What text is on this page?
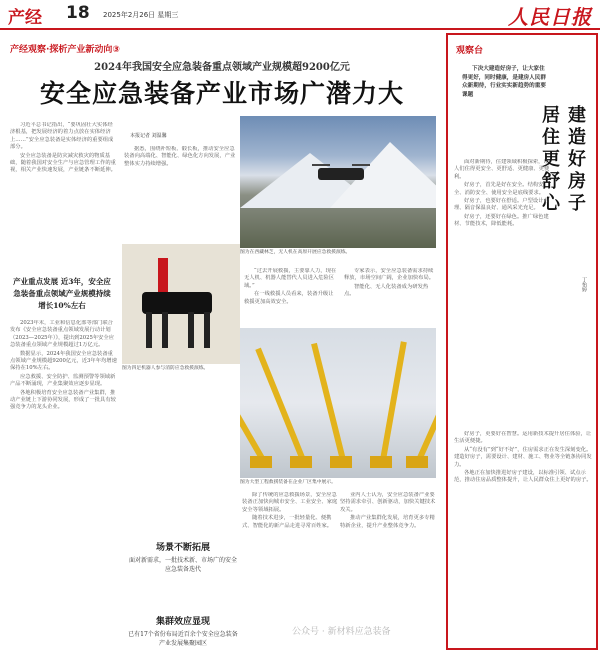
产经 18 2025年2月26日 星期三	人民日报
产经观察·探析产业新动向③
2024年我国安全应急装备重点领域产业规模超9200亿元
安全应急装备产业市场广潜力大

习近平总书记指出，“要巩固壮大实体经济根基，把发展经济的着力点放在实体经济上……”安全应急装备是实体经济的重要组成部分。

安全应急装备是防灾减灾救灾的物质基础，随着我国对安全生产与应急管理工作的重视，相关产业快速发展，产业链条不断延伸。

据悉，围绕补短板、锻长板，推动安全应急装备向高端化、智能化、绿色化方向发展，产业整体实力持续增强。

本报记者 刘温馨
图为在西藏林芝，无人机在高原开展应急救援演练。
产业重点发展 近3年，安全应急装备重点领域产业规模持续增长10%左右

2023年末，工业和信息化部等部门联合发布《安全应急装备重点领域发展行动计划（2023—2025年）》，提出到2025年安全应急装备重点领域产业规模超过1万亿元。

数据显示，2024年我国安全应急装备重点领域产业规模超9200亿元，近3年年均增速保持在10%左右。

应急救援、安全防护、监测预警等领域新产品不断涌现，产业集聚效应逐步显现。

各地积极培育安全应急装备产业集群，推动产业链上下游协同发展，形成了一批具有较强竞争力的龙头企业。

“过去开展救援，主要靠人力，现在无人机、机器人能替代人员进入危险区域。”

在一线救援人员看来，装备升级让救援更加高效安全。

专家表示，安全应急装备需求持续释放，市场空间广阔，企业加快布局。

智能化、无人化装备成为研发热点。

图为大型工程救援装备在企业厂区集中展示。
场景不断拓展
面对新需求，一批技术新、市场广的安全应急装备迭代
集群效应显现
已有17个省份布局近百余个安全应急装备产业发展集聚园区

除了传统的应急救援场景，安全应急装备正加快向城市安全、工业安全、家庭安全等领域拓展。

随着技术进步，一批轻量化、便携式、智能化的新产品走进寻常百姓家。

业内人士认为，安全应急装备产业要坚持需求牵引、创新驱动，加快关键技术攻关。

推动产业集群化发展，培育更多专精特新企业，提升产业整体竞争力。

图为四足机器人参与消防应急救援演练。
观察台
下决大建造好房子，让大家住得更好，同时健康，是建房人民群众新期待，行业实实新趋势的重要课题
建造好房子
居住更舒心
丁怡婷

面对新期待，住建领域积极探索，让人们住得更安全、更舒适、更健康、更便利。

好房子，首先是好在安全。结构安全、消防安全、使用安全是底线要求。

好房子，也要好在舒适。户型设计合理、隔音保温良好、通风采光充足。

好房子，还要好在绿色。推广绿色建材、节能技术，降低能耗。

好房子，更要好在智慧。运用新技术提升居住体验，让生活更便捷。

从“有没有”到“好不好”，住房需求正在发生深刻变化。建造好房子，需要设计、建材、施工、物业等全链条协同发力。

各地正在加快推进好房子建设，以标准引领、试点示范，推动住房品质整体提升，让人民群众住上更好的房子。

公众号 · 新材料应急装备
